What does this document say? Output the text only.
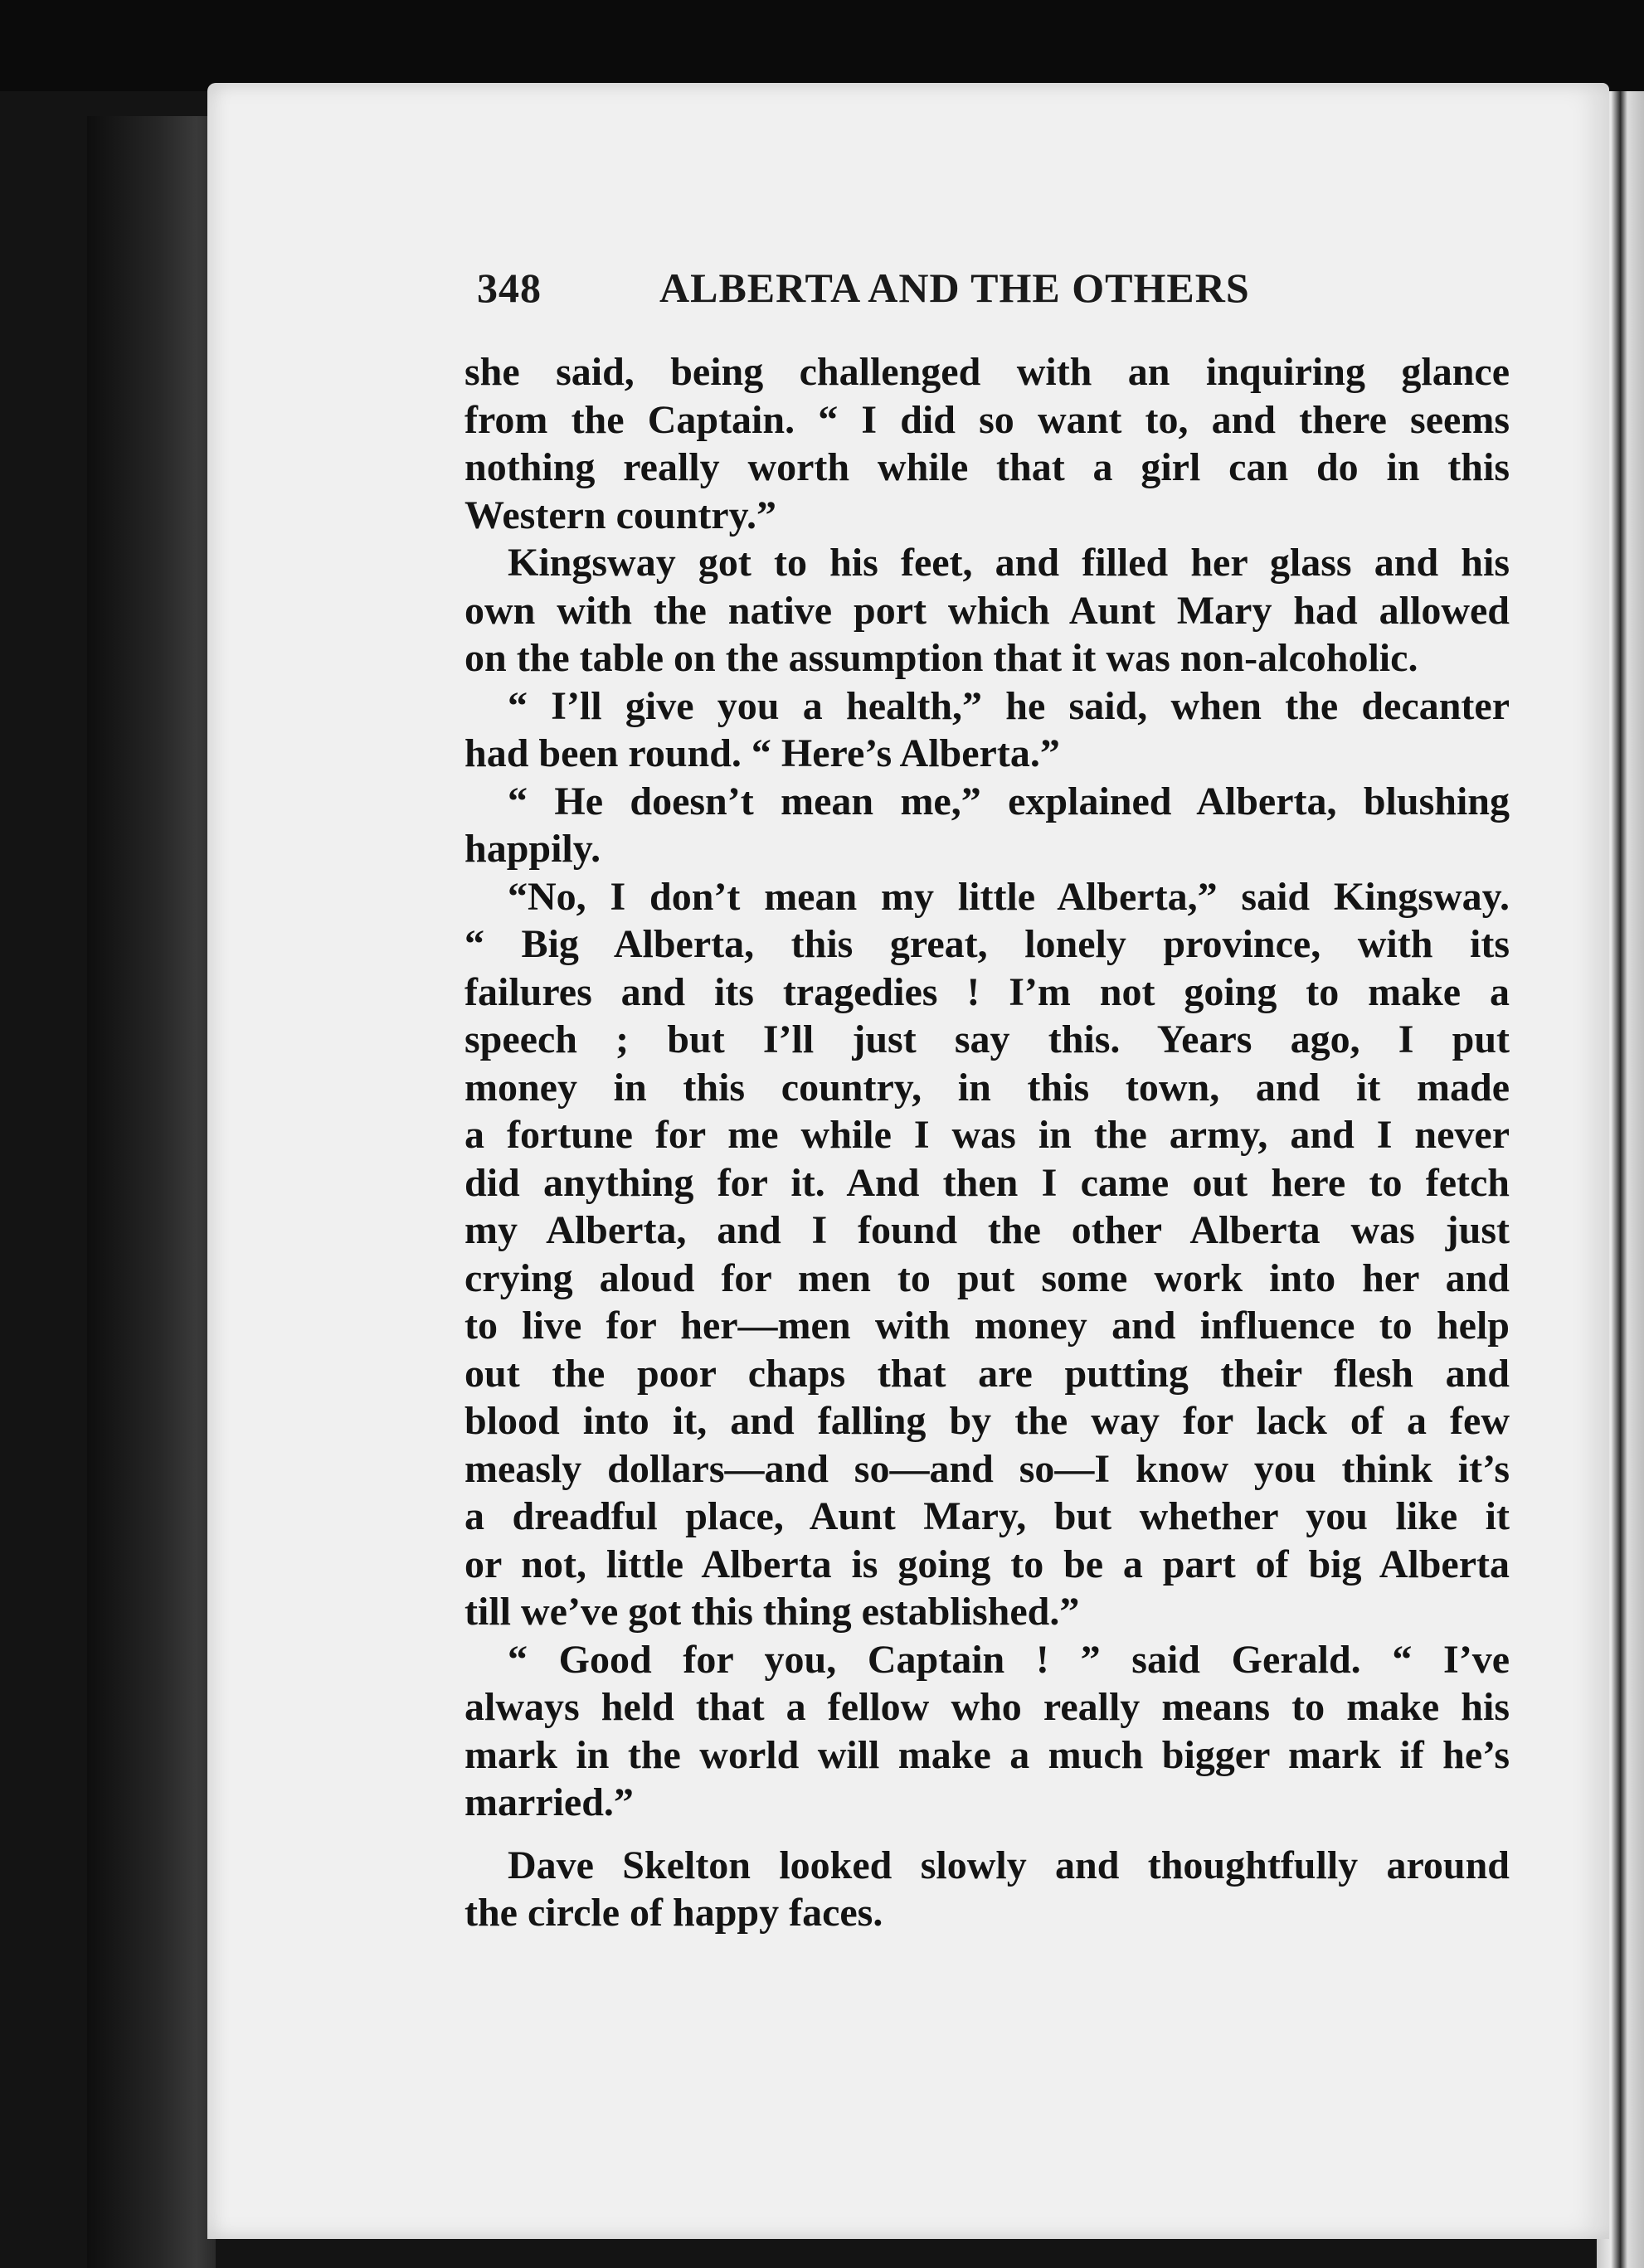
348	ALBERTA AND THE OTHERS
she said, being challenged with an inquiring glance
from the Captain. “ I did so want to, and there seems
nothing really worth while that a girl can do in this
Western country.”
Kingsway got to his feet, and filled her glass and his
own with the native port which Aunt Mary had allowed
on the table on the assumption that it was non-alcoholic.
“ I’ll give you a health,” he said, when the decanter
had been round. “ Here’s Alberta.”
“ He doesn’t mean me,” explained Alberta, blushing
happily.
“No, I don’t mean my little Alberta,” said Kingsway.
“ Big Alberta, this great, lonely province, with its
failures and its tragedies ! I’m not going to make a
speech ; but I’ll just say this. Years ago, I put
money in this country, in this town, and it made
a fortune for me while I was in the army, and I never
did anything for it. And then I came out here to fetch
my Alberta, and I found the other Alberta was just
crying aloud for men to put some work into her and
to live for her—men with money and influence to help
out the poor chaps that are putting their flesh and
blood into it, and falling by the way for lack of a few
measly dollars—and so—and so—I know you think it’s
a dreadful place, Aunt Mary, but whether you like it
or not, little Alberta is going to be a part of big Alberta
till we’ve got this thing established.”
“ Good for you, Captain ! ” said Gerald. “ I’ve
always held that a fellow who really means to make his
mark in the world will make a much bigger mark if he’s
married.”
Dave Skelton looked slowly and thoughtfully around
the circle of happy faces.
